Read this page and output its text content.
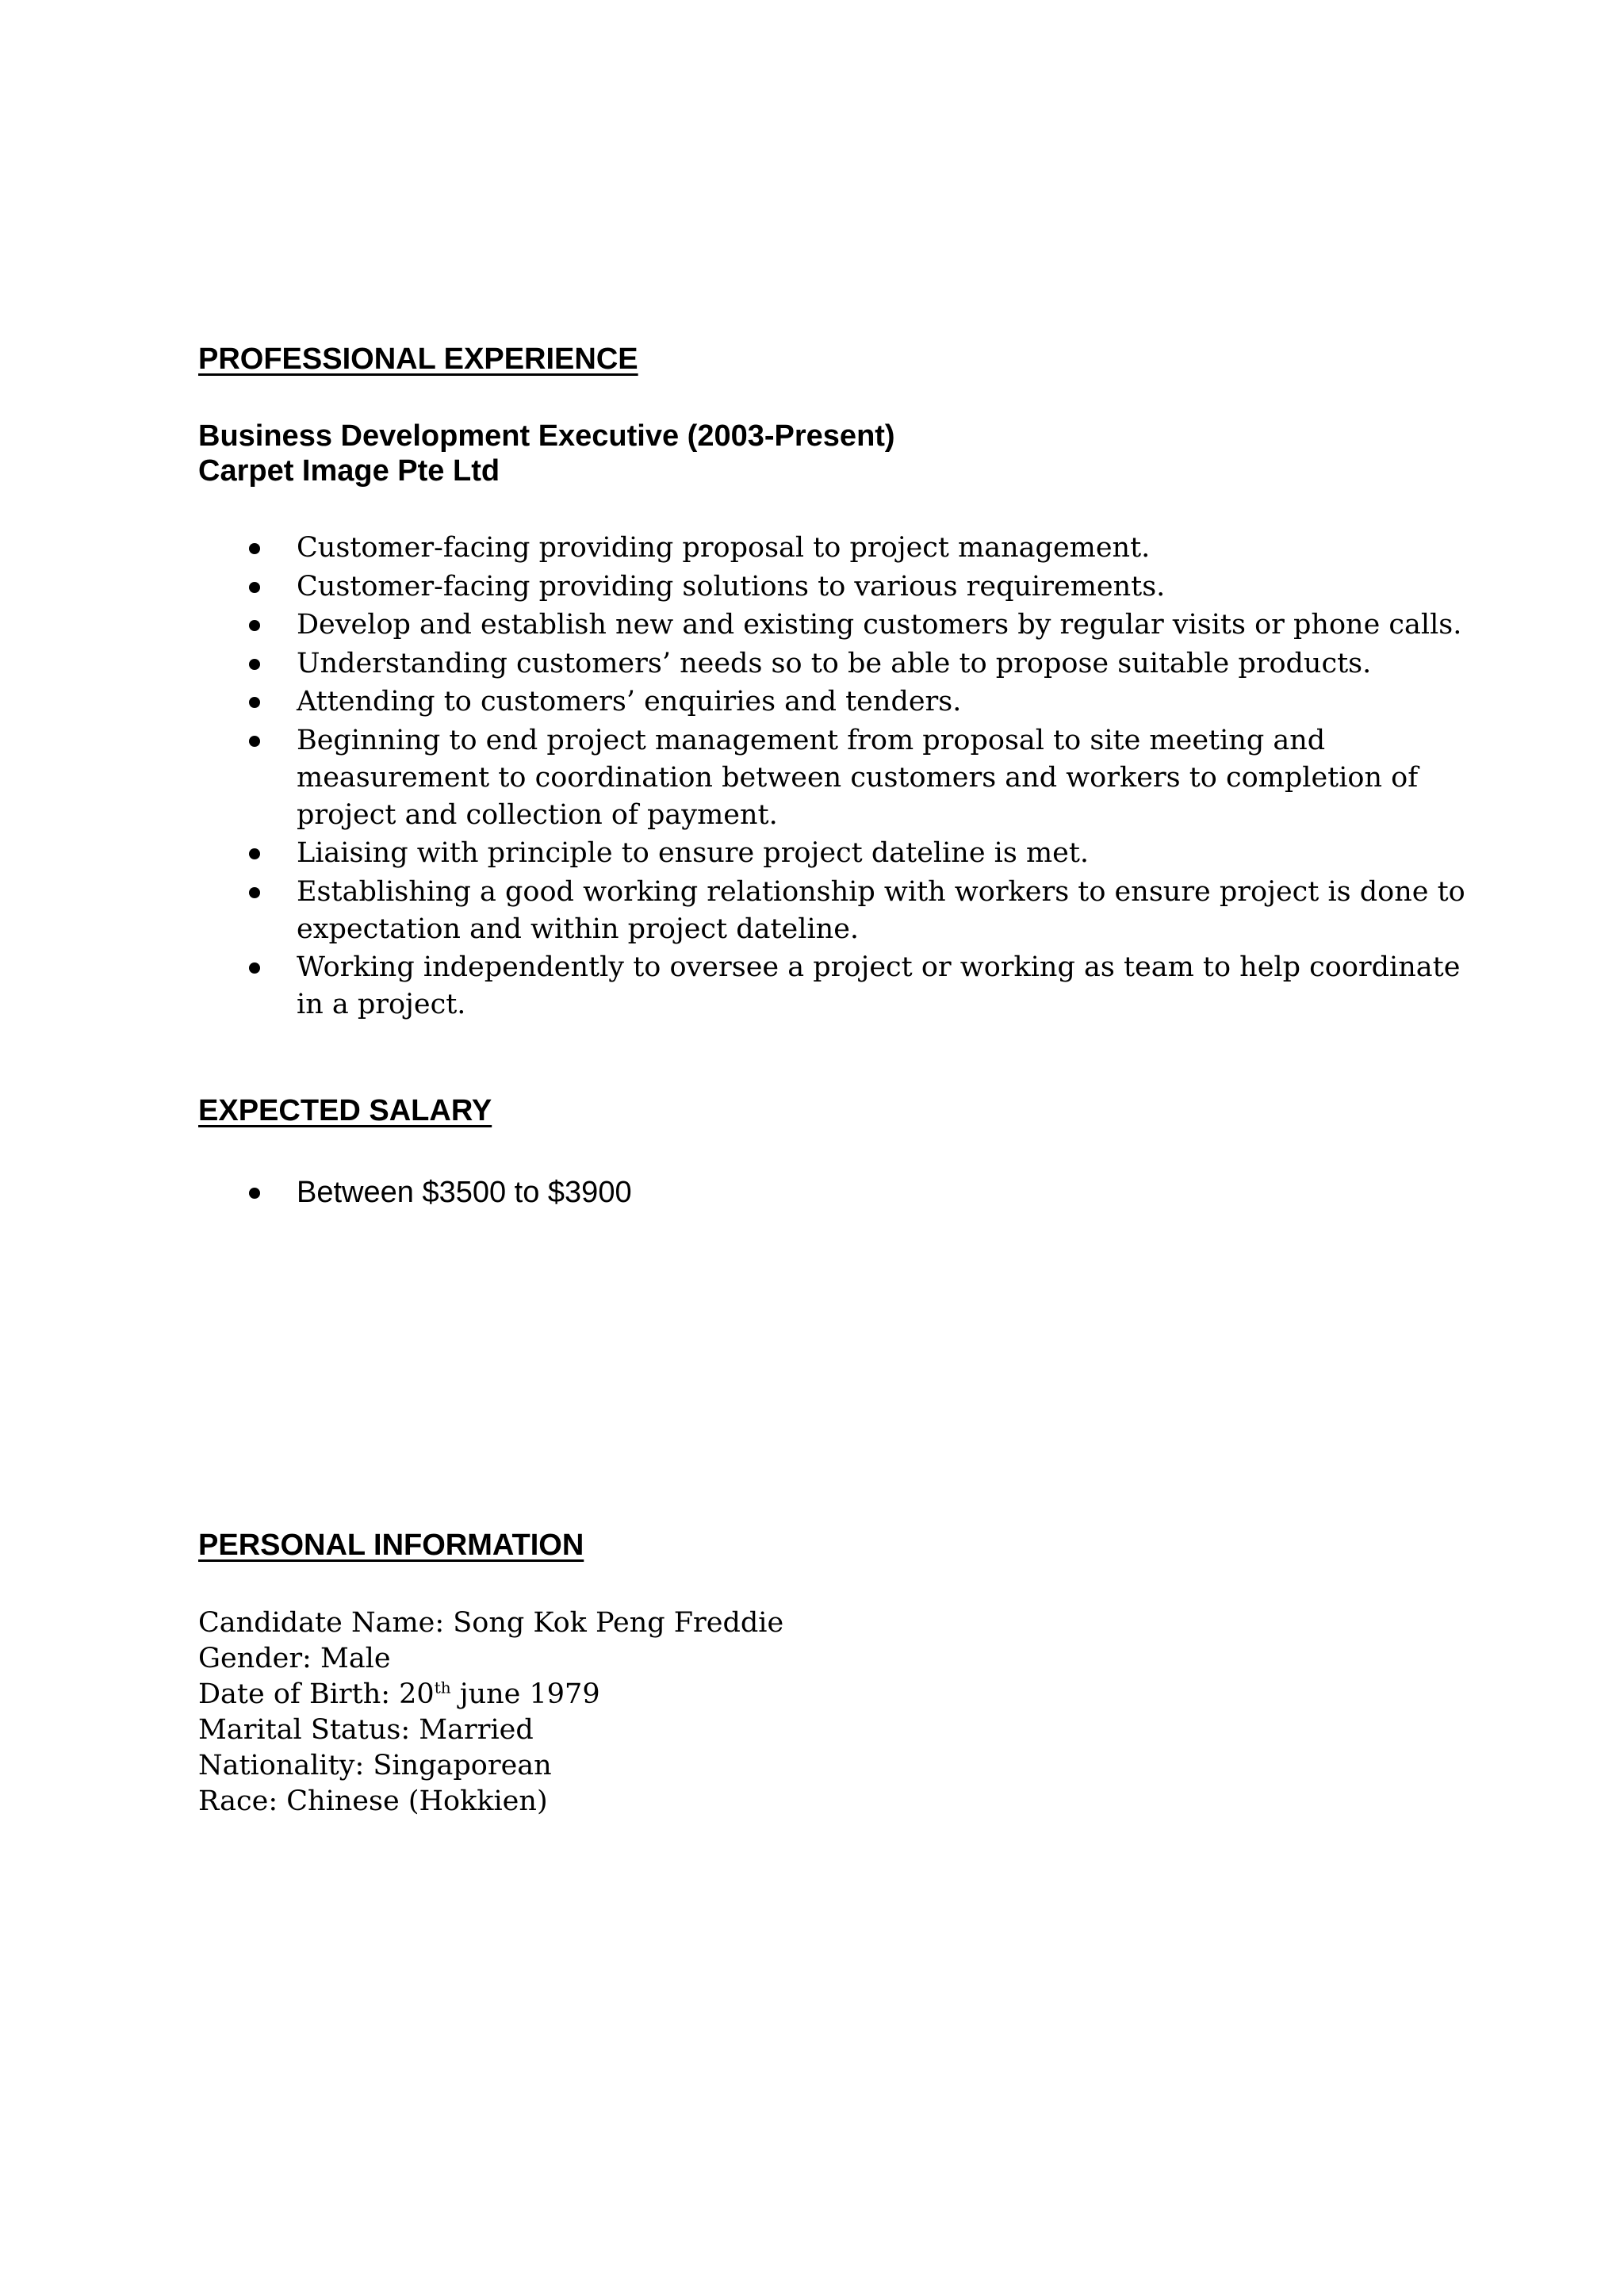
PROFESSIONAL EXPERIENCE
Business Development Executive (2003-Present)
Carpet Image Pte Ltd
Customer-facing providing proposal to project management.
Customer-facing providing solutions to various requirements.
Develop and establish new and existing customers by regular visits or phone calls.
Understanding customers’ needs so to be able to propose suitable products.
Attending to customers’ enquiries and tenders.
Beginning to end project management from proposal to site meeting and measurement to coordination between customers and workers to completion of project and collection of payment.
Liaising with principle to ensure project dateline is met.
Establishing a good working relationship with workers to ensure project is done to expectation and within project dateline.
Working independently to oversee a project or working as team to help coordinate in a project.
EXPECTED SALARY
Between $3500 to $3900
PERSONAL INFORMATION
Candidate Name: Song Kok Peng Freddie
Gender: Male
Date of Birth: 20th june 1979
Marital Status: Married
Nationality: Singaporean
Race: Chinese (Hokkien)
